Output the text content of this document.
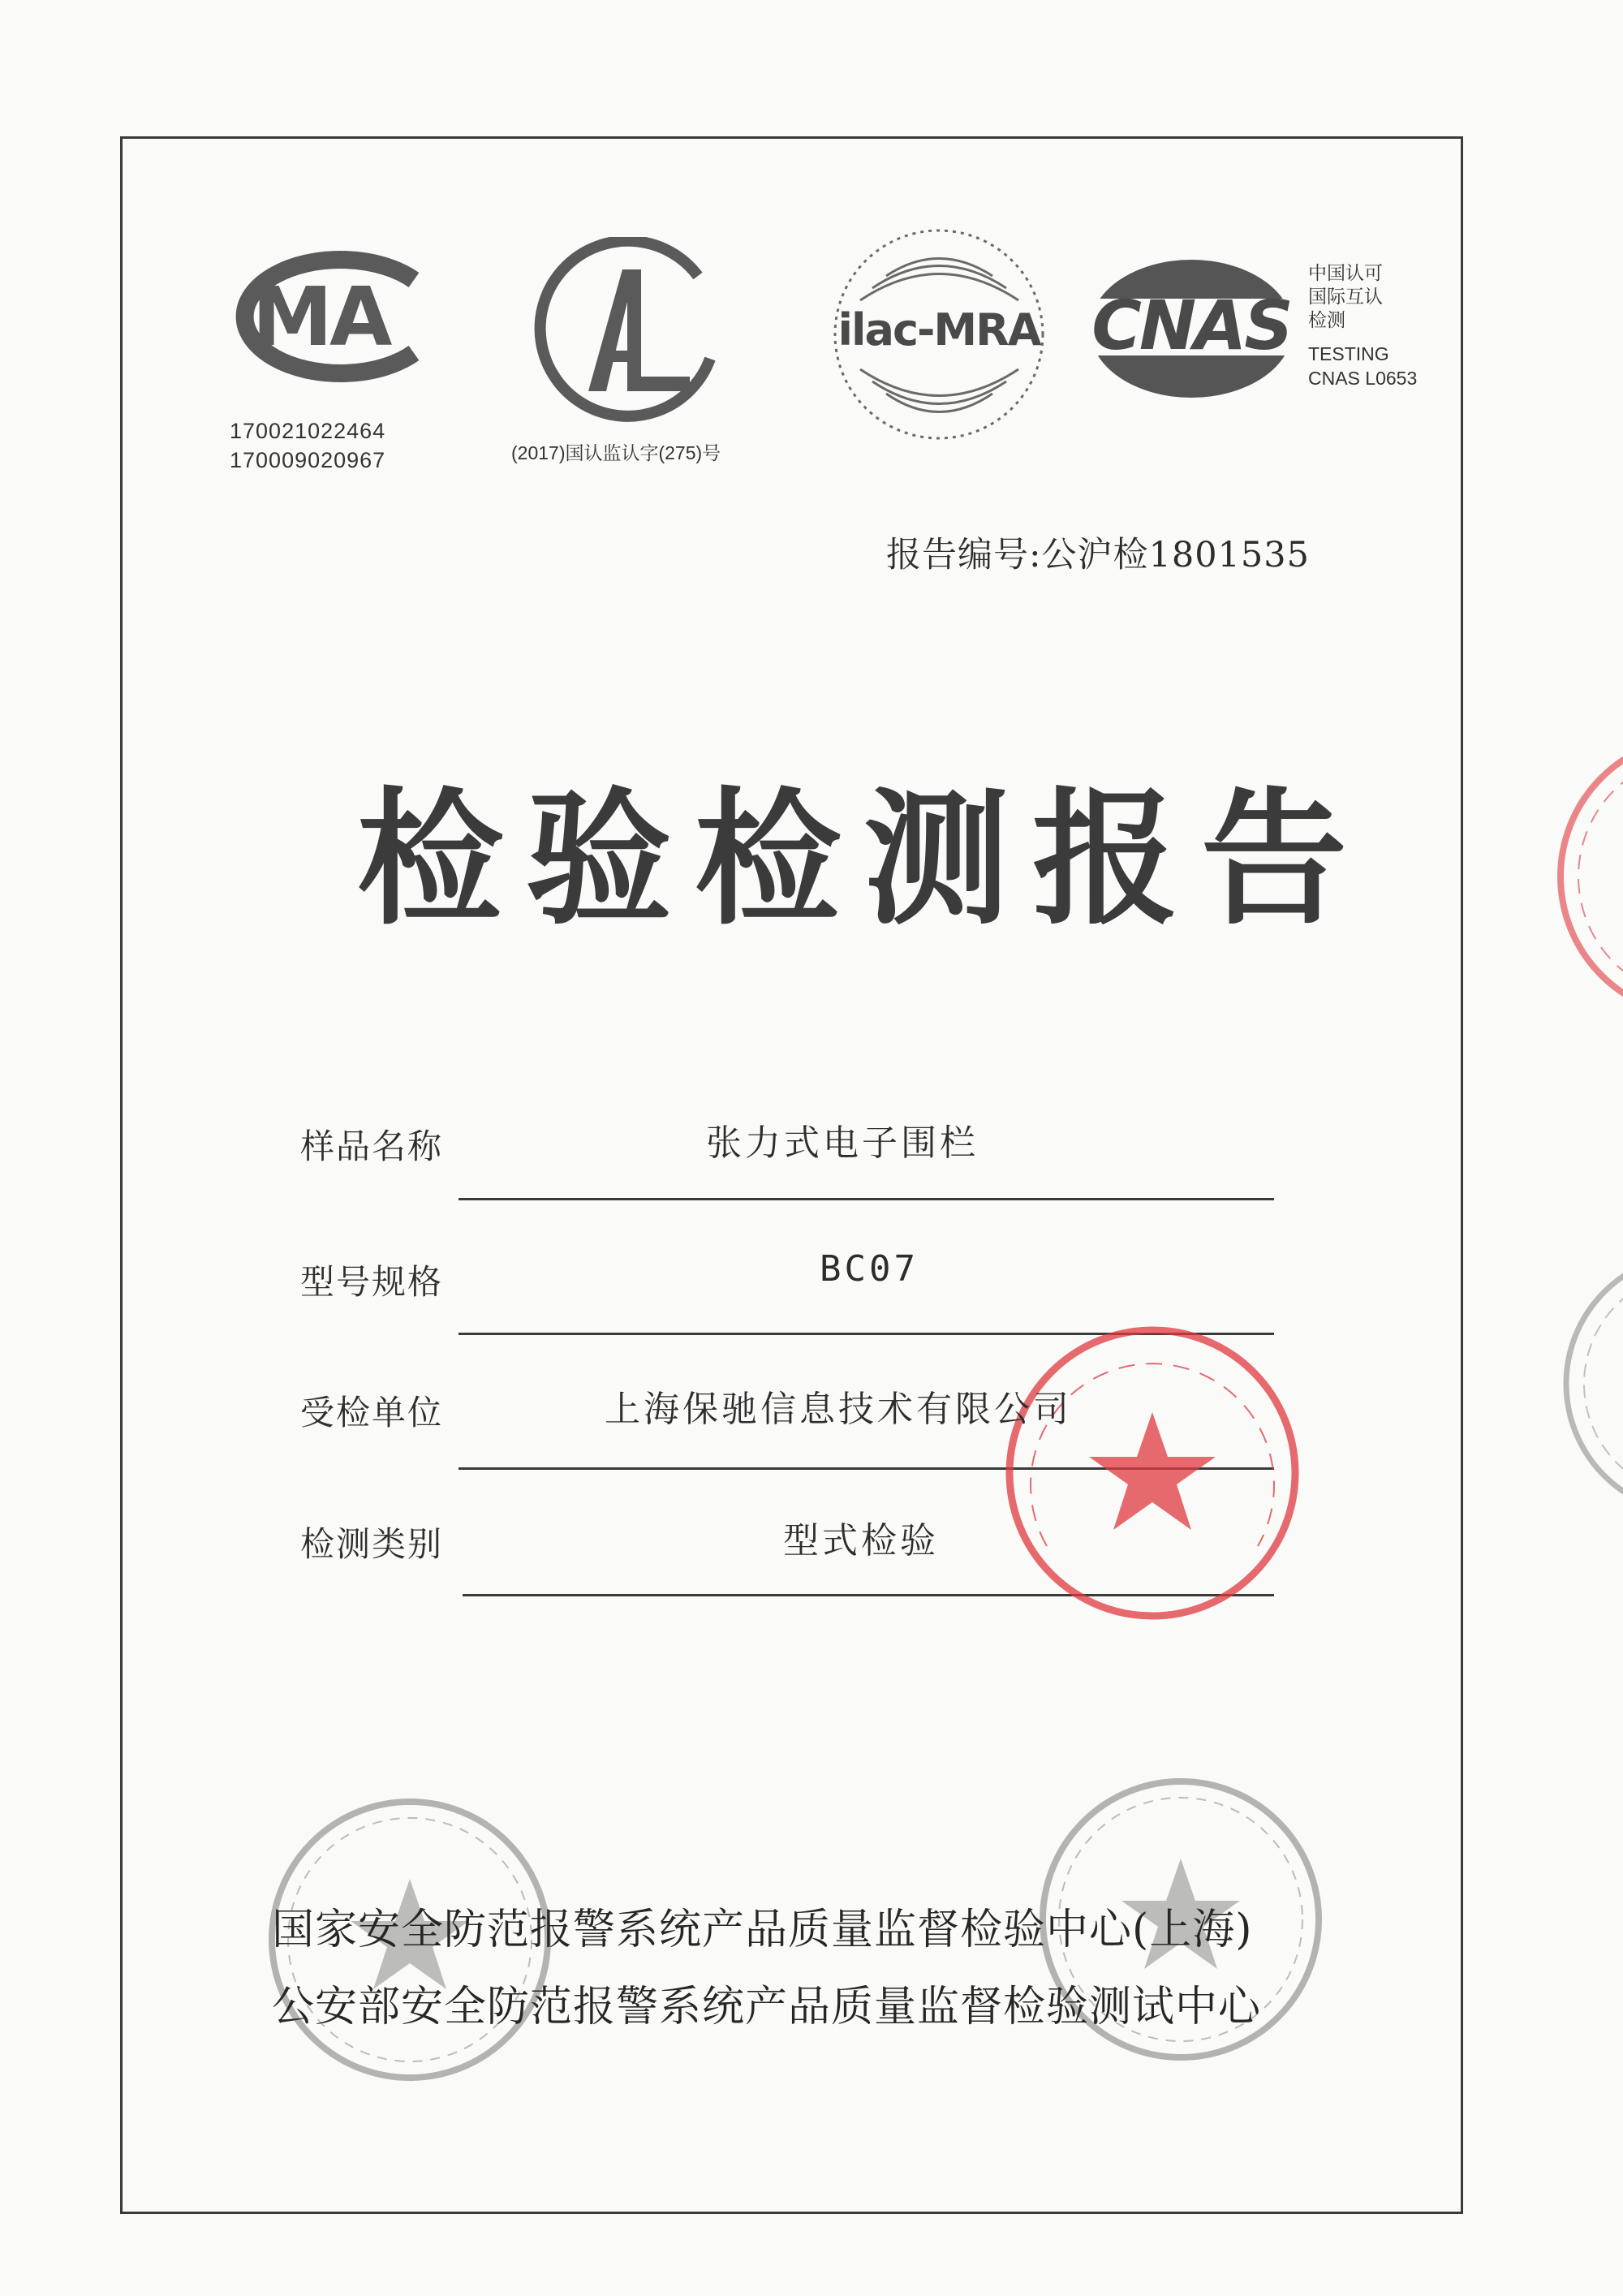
MA
170021022464
170009020967	(2017)国认监认字(275)号
ilac-MRA CNAS
中国认可
国际互认
检测
TESTING
CNAS L0653
报告编号:公沪检1801535
检验检测报告
样品名称	张力式电子围栏
型号规格	BC07
受检单位	上海保驰信息技术有限公司
检测类别	型式检验
国家安全防范报警系统产品质量监督检验中心(上海)
公安部安全防范报警系统产品质量监督检验测试中心
